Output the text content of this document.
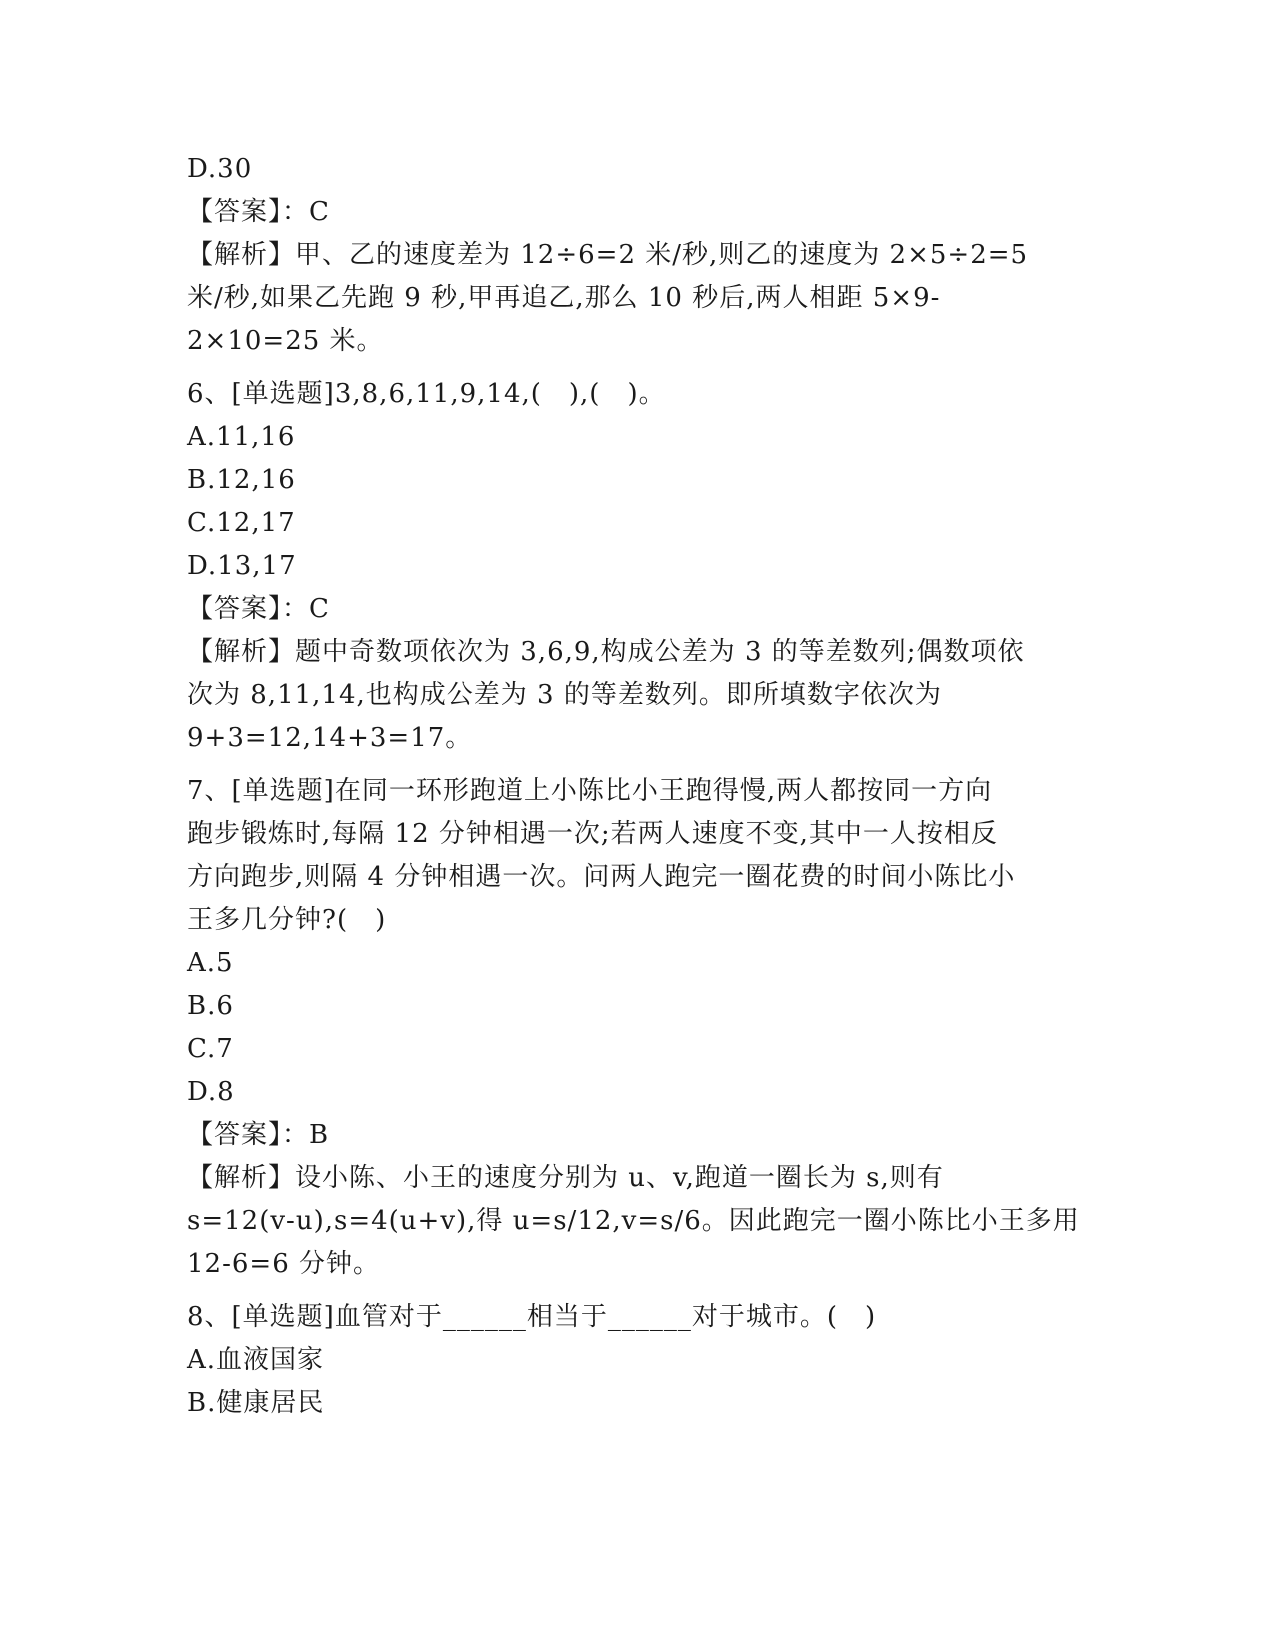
D.30
【答案】：C
【解析】甲、乙的速度差为 12÷6=2 米/秒,则乙的速度为 2×5÷2=5
米/秒,如果乙先跑 9 秒,甲再追乙,那么 10 秒后,两人相距 5×9-
2×10=25 米。
6、[单选题]3,8,6,11,9,14,(　),(　)。
A.11,16
B.12,16
C.12,17
D.13,17
【答案】：C
【解析】题中奇数项依次为 3,6,9,构成公差为 3 的等差数列;偶数项依
次为 8,11,14,也构成公差为 3 的等差数列。即所填数字依次为
9+3=12,14+3=17。
7、[单选题]在同一环形跑道上小陈比小王跑得慢,两人都按同一方向
跑步锻炼时,每隔 12 分钟相遇一次;若两人速度不变,其中一人按相反
方向跑步,则隔 4 分钟相遇一次。问两人跑完一圈花费的时间小陈比小
王多几分钟?(　)
A.5
B.6
C.7
D.8
【答案】：B
【解析】设小陈、小王的速度分别为 u、v,跑道一圈长为 s,则有
s=12(v-u),s=4(u+v),得 u=s/12,v=s/6。因此跑完一圈小陈比小王多用
12-6=6 分钟。
8、[单选题]血管对于______相当于______对于城市。(　)
A.血液国家
B.健康居民
